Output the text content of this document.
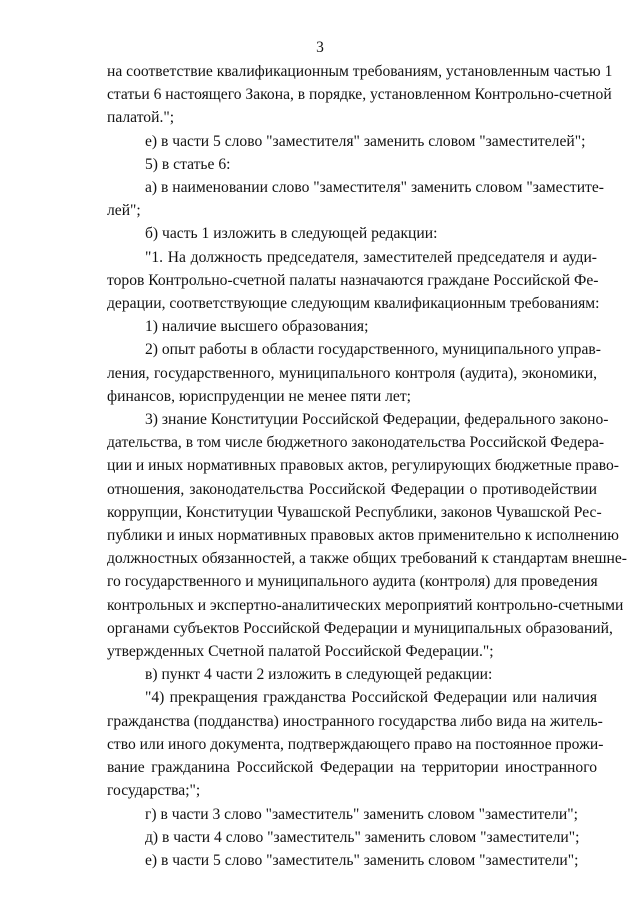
3
на соответствие квалификационным требованиям, установленным частью 1
статьи 6 настоящего Закона, в порядке, установленном Контрольно-счетной
палатой.";
е) в части 5 слово "заместителя" заменить словом "заместителей";
5) в статье 6:
а) в наименовании слово "заместителя" заменить словом "заместите-
лей";
б) часть 1 изложить в следующей редакции:
"1. На должность председателя, заместителей председателя и ауди-
торов Контрольно-счетной палаты назначаются граждане Российской Фе-
дерации, соответствующие следующим квалификационным требованиям:
1) наличие высшего образования;
2) опыт работы в области государственного, муниципального управ-
ления, государственного, муниципального контроля (аудита), экономики,
финансов, юриспруденции не менее пяти лет;
3) знание Конституции Российской Федерации, федерального законо-
дательства, в том числе бюджетного законодательства Российской Федера-
ции и иных нормативных правовых актов, регулирующих бюджетные право-
отношения, законодательства Российской Федерации о противодействии
коррупции, Конституции Чувашской Республики, законов Чувашской Рес-
публики и иных нормативных правовых актов применительно к исполнению
должностных обязанностей, а также общих требований к стандартам внешне-
го государственного и муниципального аудита (контроля) для проведения
контрольных и экспертно-аналитических мероприятий контрольно-счетными
органами субъектов Российской Федерации и муниципальных образований,
утвержденных Счетной палатой Российской Федерации.";
в) пункт 4 части 2 изложить в следующей редакции:
"4) прекращения гражданства Российской Федерации или наличия
гражданства (подданства) иностранного государства либо вида на житель-
ство или иного документа, подтверждающего право на постоянное прожи-
вание гражданина Российской Федерации на территории иностранного
государства;";
г) в части 3 слово "заместитель" заменить словом "заместители";
д) в части 4 слово "заместитель" заменить словом "заместители";
е) в части 5 слово "заместитель" заменить словом "заместители";
